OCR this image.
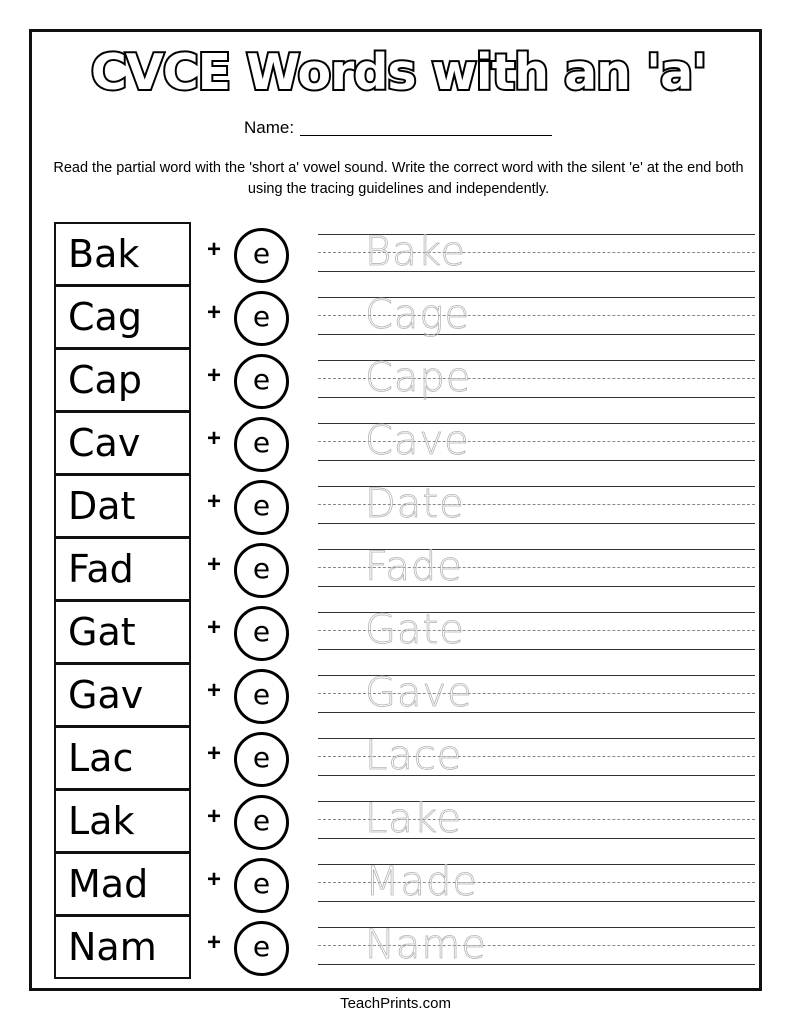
CVCE Words with an 'a'
Name:
Read the partial word with the 'short a' vowel sound. Write the correct word with the silent 'e' at the end both using the tracing guidelines and independently.
Bak	+ e Bake
Cag	+ e Cage
Cap	+ e Cape
Cav	+ e Cave
Dat	+ e Date
Fad	+ e Fade
Gat	+ e Gate
Gav	+ e Gave
Lac	+ e Lace
Lak	+ e Lake
Mad + e Made
Nam + e Name
TeachPrints.com
